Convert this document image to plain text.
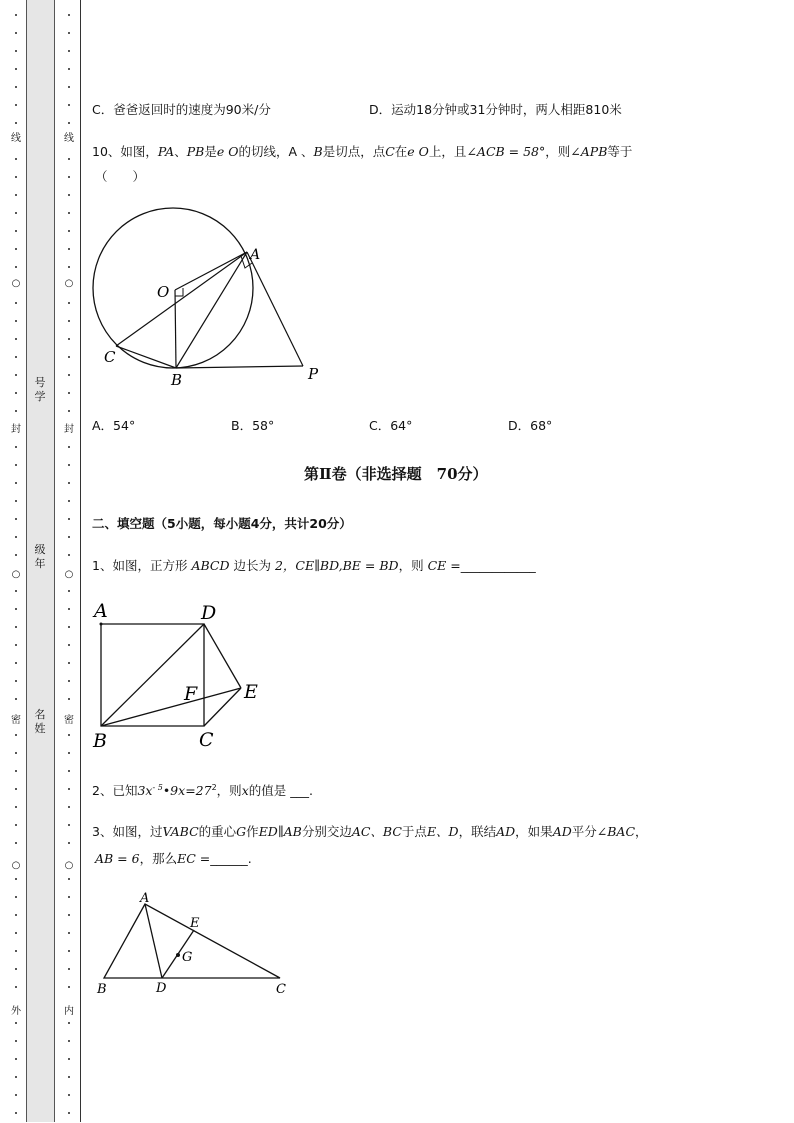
线
○
封
○
密
○
外
线
○
封
○
密
○
内
号
学
级
年
名
姓
C．爸爸返回时的速度为90米/分	D．运动18分钟或31分钟时，两人相距810米
10、如图，PA、PB是e O的切线，A 、B是切点，点C在e O上，且∠ACB = 58°，则∠APB等于
（　　）
A
O
C
B	P
A．54°	B．58°	C．64°	D．68°
第Ⅱ卷（非选择题　70分）
二、填空题（5小题，每小题4分，共计20分）
1、如图，正方形 ABCD 边长为 2，CE∥BD,BE = BD，则 CE =____________
A	D
F E
B	C
2、已知$3x^{- 5}•9x=27^2$，则x的值是 ___.
3、如图，过VABC的重心G作ED∥AB分别交边AC、BC于点E、D，联结AD，如果AD平分∠BAC，
AB = 6，那么EC =______.
A
E
G
B	D	C
